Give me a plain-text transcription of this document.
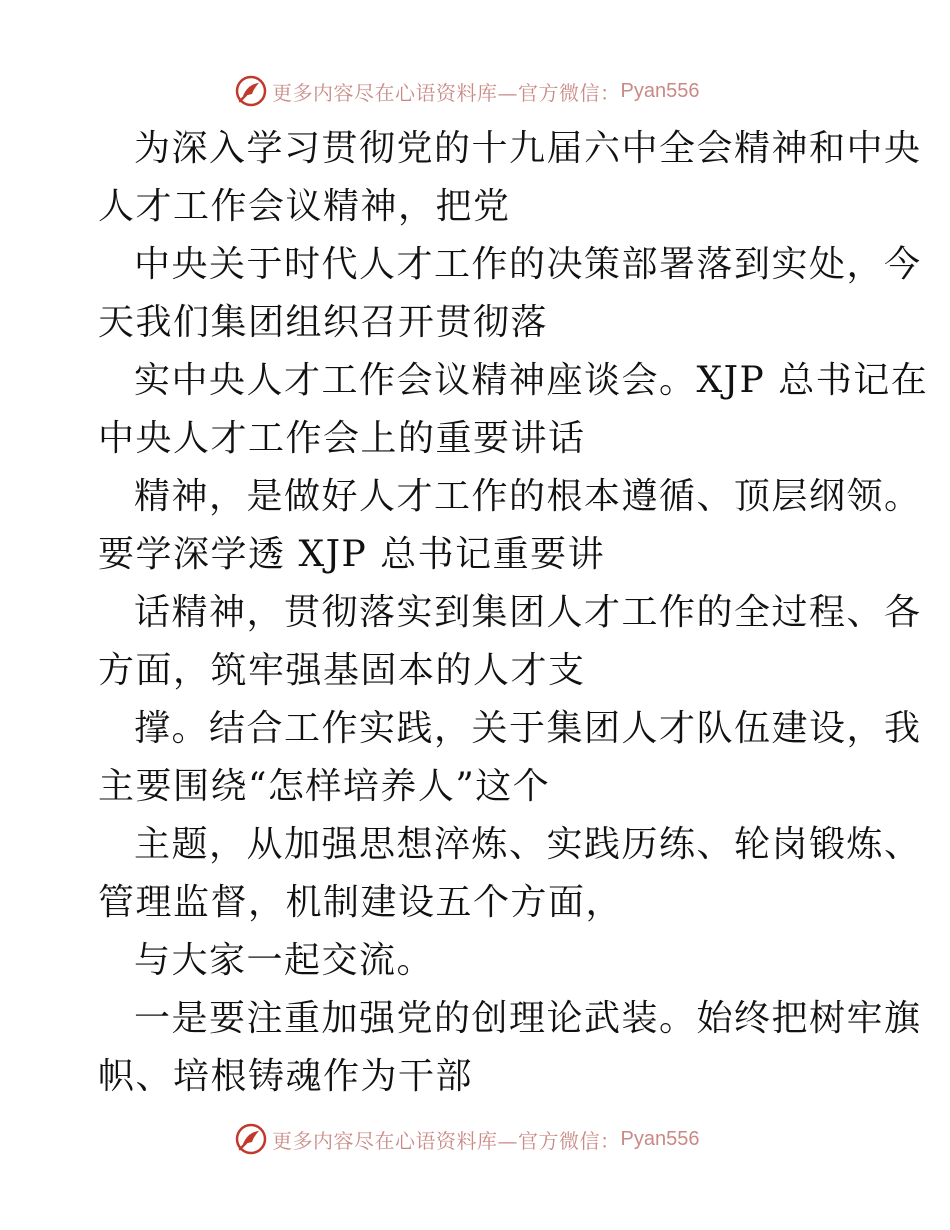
更多内容尽在心语资料库—官方微信： Pyan556
为深入学习贯彻党的十九届六中全会精神和中央
人才工作会议精神，把党
中央关于时代人才工作的决策部署落到实处，今
天我们集团组织召开贯彻落
实中央人才工作会议精神座谈会。XJP 总书记在
中央人才工作会上的重要讲话
精神，是做好人才工作的根本遵循、顶层纲领。
要学深学透 XJP 总书记重要讲
话精神，贯彻落实到集团人才工作的全过程、各
方面，筑牢强基固本的人才支
撑。结合工作实践，关于集团人才队伍建设，我
主要围绕“怎样培养人”这个
主题，从加强思想淬炼、实践历练、轮岗锻炼、
管理监督，机制建设五个方面，
与大家一起交流。
一是要注重加强党的创理论武装。始终把树牢旗
帜、培根铸魂作为干部
更多内容尽在心语资料库—官方微信： Pyan556
